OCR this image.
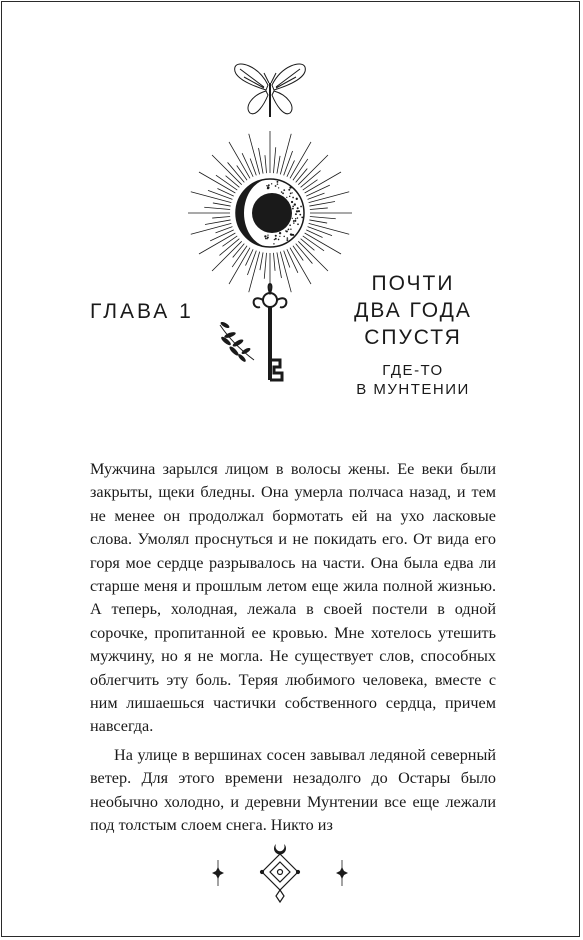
ГЛАВА 1
ПОЧТИ
ДВА ГОДА
СПУСТЯ
ГДЕ-ТО
В МУНТЕНИИ

Мужчина зарылся лицом в волосы жены. Ее веки были закрыты, щеки бледны. Она умерла полчаса назад, и тем не менее он продолжал бормотать ей на ухо ласковые слова. Умолял проснуться и не покидать его. От вида его горя мое сердце разрывалось на части. Она была едва ли старше меня и прошлым летом еще жила полной жизнью. А теперь, холодная, лежала в своей постели в одной сорочке, пропитанной ее кровью. Мне хотелось утешить мужчину, но я не могла. Не существует слов, способных облегчить эту боль. Теряя любимого человека, вместе с ним лишаешься частички собственного сердца, причем навсегда.

На улице в вершинах сосен завывал ледяной северный ветер. Для этого времени незадолго до Остары было необычно холодно, и деревни Мунтении все еще лежали под толстым слоем снега. Никто из
